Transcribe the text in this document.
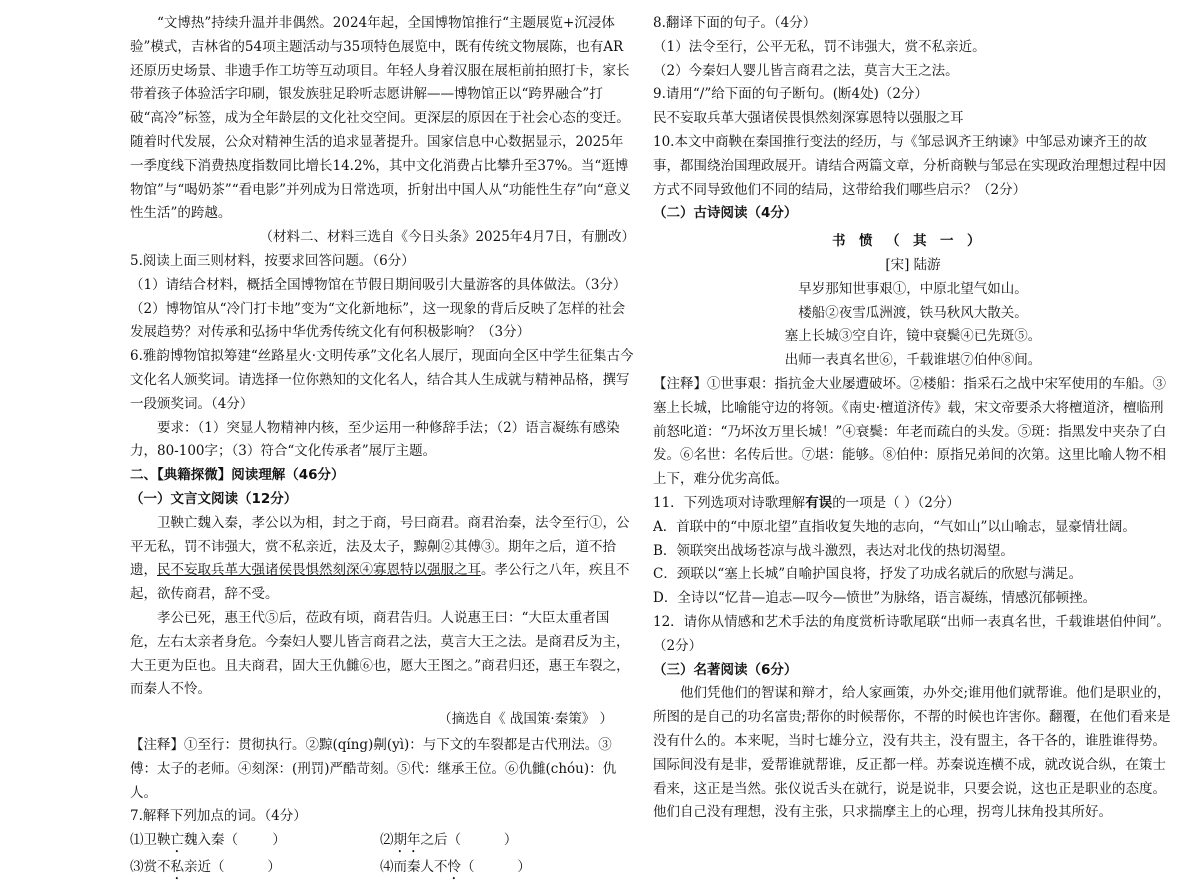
“文博热”持续升温并非偶然。2024年起，全国博物馆推行“主题展览+沉浸体验”模式，吉林省的54项主题活动与35项特色展览中，既有传统文物展陈，也有AR还原历史场景、非遗手作工坊等互动项目。年轻人身着汉服在展柜前拍照打卡，家长带着孩子体验活字印刷，银发族驻足聆听志愿讲解——博物馆正以“跨界融合”打破“高冷”标签，成为全年龄层的文化社交空间。更深层的原因在于社会心态的变迁。随着时代发展，公众对精神生活的追求显著提升。国家信息中心数据显示，2025年一季度线下消费热度指数同比增长14.2%，其中文化消费占比攀升至37%。当“逛博物馆”与“喝奶茶”“看电影”并列成为日常选项，折射出中国人从“功能性生存”向“意义性生活”的跨越。

（材料二、材料三选自《今日头条》2025年4月7日，有删改）

5.阅读上面三则材料，按要求回答问题。（6分）

（1）请结合材料，概括全国博物馆在节假日期间吸引大量游客的具体做法。（3分）

（2）博物馆从“冷门打卡地”变为“文化新地标”，这一现象的背后反映了怎样的社会发展趋势？对传承和弘扬中华优秀传统文化有何积极影响？（3分）

6.雅韵博物馆拟筹建“丝路星火·文明传承”文化名人展厅，现面向全区中学生征集古今文化名人颁奖词。请选择一位你熟知的文化名人，结合其人生成就与精神品格，撰写一段颁奖词。（4分）

要求：（1）突显人物精神内核，至少运用一种修辞手法；（2）语言凝练有感染力，80-100字；（3）符合“文化传承者”展厅主题。

二、【典籍探微】阅读理解（46分）

（一）文言文阅读（12分）

卫鞅亡魏入秦，孝公以为相，封之于商，号曰商君。商君治秦，法令至行①，公平无私，罚不讳强大，赏不私亲近，法及太子，黥劓②其傅③。期年之后，道不拾遗，民不妄取兵革大强诸侯畏惧然刻深④寡恩特以强服之耳。孝公行之八年，疾且不起，欲传商君，辞不受。

孝公已死，惠王代⑤后，莅政有顷，商君告归。人说惠王曰：“大臣太重者国危，左右太亲者身危。今秦妇人婴儿皆言商君之法，莫言大王之法。是商君反为主，大王更为臣也。且夫商君，固大王仇雠⑥也，愿大王图之。”商君归还，惠王车裂之，而秦人不怜。

（摘选自《 战国策·秦策》 ）

【注释】①至行：贯彻执行。②黥(qíng)劓(yì)：与下文的车裂都是古代刑法。③傅：太子的老师。④刻深：(刑罚)严酷苛刻。⑤代：继承王位。⑥仇雠(chóu)：仇人。

7.解释下列加点的词。（4分）

⑴卫鞅亡魏入秦（        ）	⑵期年之后（          ）
⑶赏不私亲近（          ）	⑷而秦人不怜（          ）

8.翻译下面的句子。（4分）

（1）法令至行，公平无私，罚不讳强大，赏不私亲近。

（2）今秦妇人婴儿皆言商君之法，莫言大王之法。

9.请用“/”给下面的句子断句。(断4处)（2分）

民不妄取兵革大强诸侯畏惧然刻深寡恩特以强服之耳

10.本文中商鞅在秦国推行变法的经历，与《邹忌讽齐王纳谏》中邹忌劝谏齐王的故事，都围绕治国理政展开。请结合两篇文章，分析商鞅与邹忌在实现政治理想过程中因方式不同导致他们不同的结局，这带给我们哪些启示？（2分）

（二）古诗阅读（4分）

书愤（其一）

[宋] 陆游

早岁那知世事艰①，中原北望气如山。

楼船②夜雪瓜洲渡，铁马秋风大散关。

塞上长城③空自许，镜中衰鬓④已先斑⑤。

出师一表真名世⑥，千载谁堪⑦伯仲⑧间。

【注释】①世事艰：指抗金大业屡遭破坏。②楼船：指采石之战中宋军使用的车船。③塞上长城，比喻能守边的将领。《南史·檀道济传》载，宋文帝要杀大将檀道济，檀临刑前怒叱道：“乃坏汝万里长城！”④衰鬓：年老而疏白的头发。⑤斑：指黑发中夹杂了白发。⑥名世：名传后世。⑦堪：能够。⑧伯仲：原指兄弟间的次第。这里比喻人物不相上下，难分优劣高低。

11．下列选项对诗歌理解有误的一项是（ ）（2分）

A．首联中的“中原北望”直指收复失地的志向，“气如山”以山喻志，显豪情壮阔。

B．领联突出战场苍凉与战斗激烈，表达对北伐的热切渴望。

C．颈联以“塞上长城”自喻护国良将，抒发了功成名就后的欣慰与满足。

D．全诗以“忆昔—追志—叹今—愤世”为脉络，语言凝练，情感沉郁顿挫。

12．请你从情感和艺术手法的角度赏析诗歌尾联“出师一表真名世，千载谁堪伯仲间”。（2分）

（三）名著阅读（6分）

他们凭他们的智谋和辩才，给人家画策，办外交;谁用他们就帮谁。他们是职业的，所图的是自己的功名富贵;帮你的时候帮你，不帮的时候也许害你。翻覆，在他们看来是没有什么的。本来呢，当时七雄分立，没有共主，没有盟主，各干各的，谁胜谁得势。国际间没有是非，爱帮谁就帮谁，反正都一样。苏秦说连横不成，就改说合纵，在策士看来，这正是当然。张仪说舌头在就行，说是说非，只要会说，这也正是职业的态度。他们自己没有理想，没有主张，只求揣摩主上的心理，拐弯儿抹角投其所好。
